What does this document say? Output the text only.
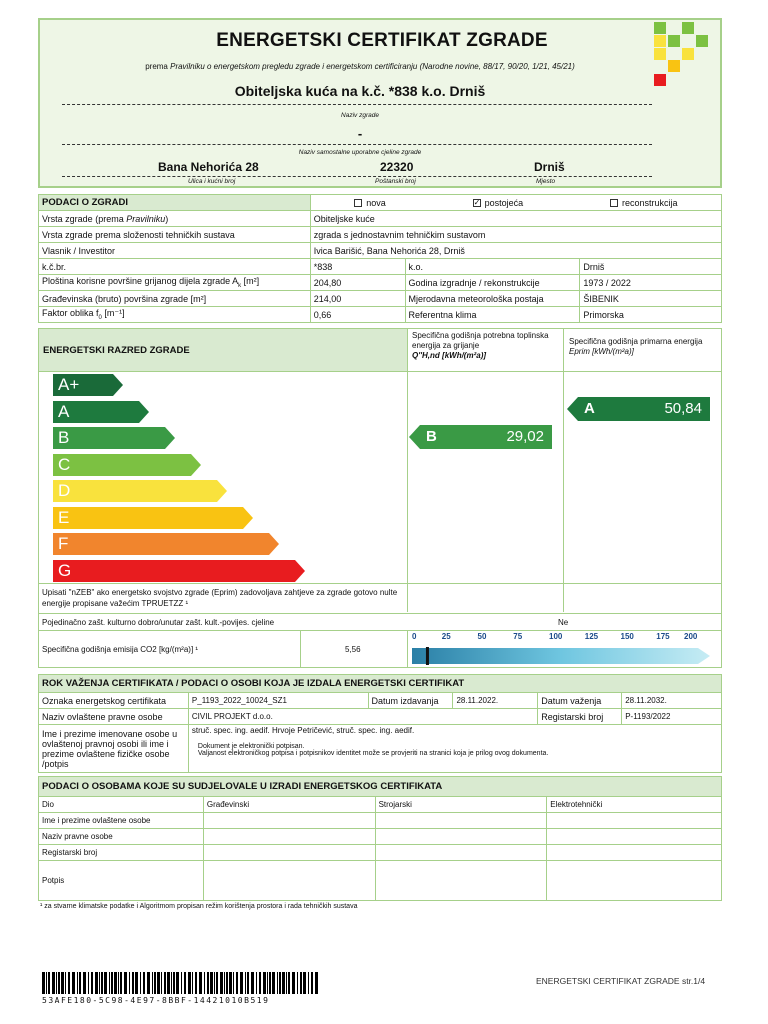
ENERGETSKI CERTIFIKAT ZGRADE
prema Pravilniku o energetskom pregledu zgrade i energetskom certificiranju (Narodne novine, 88/17, 90/20, 1/21, 45/21)
Obiteljska kuća na k.č. *838 k.o. Drniš
Naziv zgrade
-
Naziv samostalne uporabne cjeline zgrade
Bana Nehorića 28	22320	Drniš
Ulica i kućni broj	Poštanski broj	Mjesto
PODACI O ZGRADI	nova ✓ postojeća reconstrukcija		

Vrsta zgrade (prema Pravilniku)	Obiteljske kuće		
Vrsta zgrade prema složenosti tehničkih sustava	zgrada s jednostavnim tehničkim sustavom		
Vlasnik / Investitor	Ivica Barišić, Bana Nehorića 28, Drniš		
k.č.br.	*838	k.o.	Drniš
Ploština korisne površine grijanog dijela zgrade $A_k$ [m²]	204,80	Godina izgradnje / rekonstrukcije	1973 / 2022
Građevinska (bruto) površina zgrade [m²]	214,00	Mjerodavna meteorološka postaja	ŠIBENIK
Faktor oblika $f_0$ [m⁻¹]	0,66	Referentna klima	Primorska
ENERGETSKI RAZRED ZGRADE
Specifična godišnja potrebna toplinska energija za grijanje
Q''H,nd [kWh/(m²a)]
Specifična godišnja primarna energija
Eprim [kWh/(m²a)]
A+
A
B
C
D
E
F
G
B	29,02
A	50,84
Upisati "nZEB" ako energetsko svojstvo zgrade (Eprim) zadovoljava zahtjeve za zgrade gotovo nulte energije propisane važećim TPRUETZZ ¹
Pojedinačno zašt. kulturno dobro/unutar zašt. kult.-povijes. cjeline	Ne
Specifična godišnja emisija CO2 [kg/(m²a)] ¹	5,56
0	25	50	75	100	125	150	175 200
ROK VAŽENJA CERTIFIKATA / PODACI O OSOBI KOJA JE IZDALA ENERGETSKI CERTIFIKAT					
Oznaka energetskog certifikata	P_1193_2022_10024_SZ1	Datum izdavanja	28.11.2022.	Datum važenja	28.11.2032.
Naziv ovlaštene pravne osobe	CIVIL PROJEKT d.o.o.			Registarski broj	P-1193/2022
Ime i prezime imenovane osobe u ovlaštenoj pravnoj osobi ili ime i prezime ovlaštene fizičke osobe /potpis	struč. spec. ing. aedif. Hrvoje Petričević, struč. spec. ing. aedif.
Dokument je elektronički potpisan.
Valjanost elektroničkog potpisa i potpisnikov identitet može se provjeriti na stranici koja je prilog ovog dokumenta.				
PODACI O OSOBAMA KOJE SU SUDJELOVALE U IZRADI ENERGETSKOG CERTIFIKATA			
Dio	Građevinski	Strojarski	Elektrotehnički
Ime i prezime ovlaštene osobe			
Naziv pravne osobe			
Registarski broj			
Potpis			
¹ za stvarne klimatske podatke i Algoritmom propisan režim korištenja prostora i rada tehničkih sustava
53AFE180-5C98-4E97-8BBF-14421010B519
ENERGETSKI CERTIFIKAT ZGRADE str.1/4
